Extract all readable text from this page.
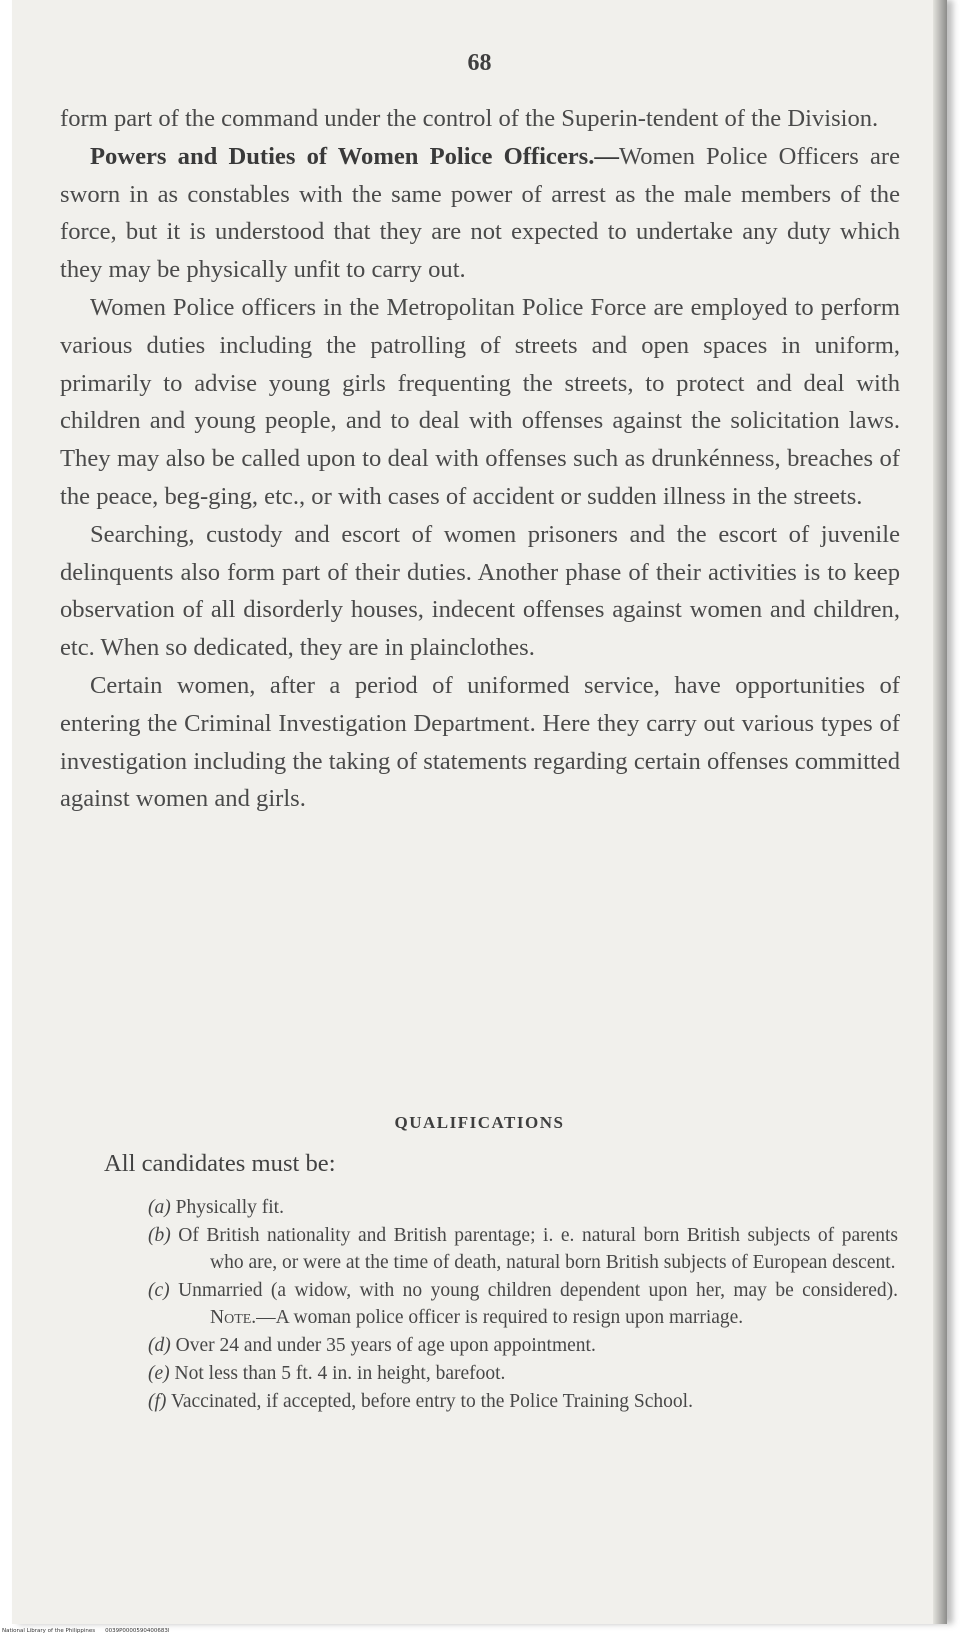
68

form part of the command under the control of the Superin-tendent of the Division.

Powers and Duties of Women Police Officers.—Women Police Officers are sworn in as constables with the same power of arrest as the male members of the force, but it is understood that they are not expected to undertake any duty which they may be physically unfit to carry out.

Women Police officers in the Metropolitan Police Force are employed to perform various duties including the patrolling of streets and open spaces in uniform, primarily to advise young girls frequenting the streets, to protect and deal with children and young people, and to deal with offenses against the solicitation laws. They may also be called upon to deal with offenses such as drunkénness, breaches of the peace, beg-ging, etc., or with cases of accident or sudden illness in the streets.

Searching, custody and escort of women prisoners and the escort of juvenile delinquents also form part of their duties. Another phase of their activities is to keep observation of all disorderly houses, indecent offenses against women and children, etc. When so dedicated, they are in plainclothes.

Certain women, after a period of uniformed service, have opportunities of entering the Criminal Investigation Department. Here they carry out various types of investigation including the taking of statements regarding certain offenses committed against women and girls.

QUALIFICATIONS
All candidates must be:
(a) Physically fit.
(b) Of British nationality and British parentage; i. e. natural born British subjects of parents who are, or were at the time of death, natural born British subjects of European descent.
(c) Unmarried (a widow, with no young children dependent upon her, may be considered). Note.—A woman police officer is required to resign upon marriage.
(d) Over 24 and under 35 years of age upon appointment.
(e) Not less than 5 ft. 4 in. in height, barefoot.
(f) Vaccinated, if accepted, before entry to the Police Training School.
National Library of the Philippines 0039P0000590400683l
